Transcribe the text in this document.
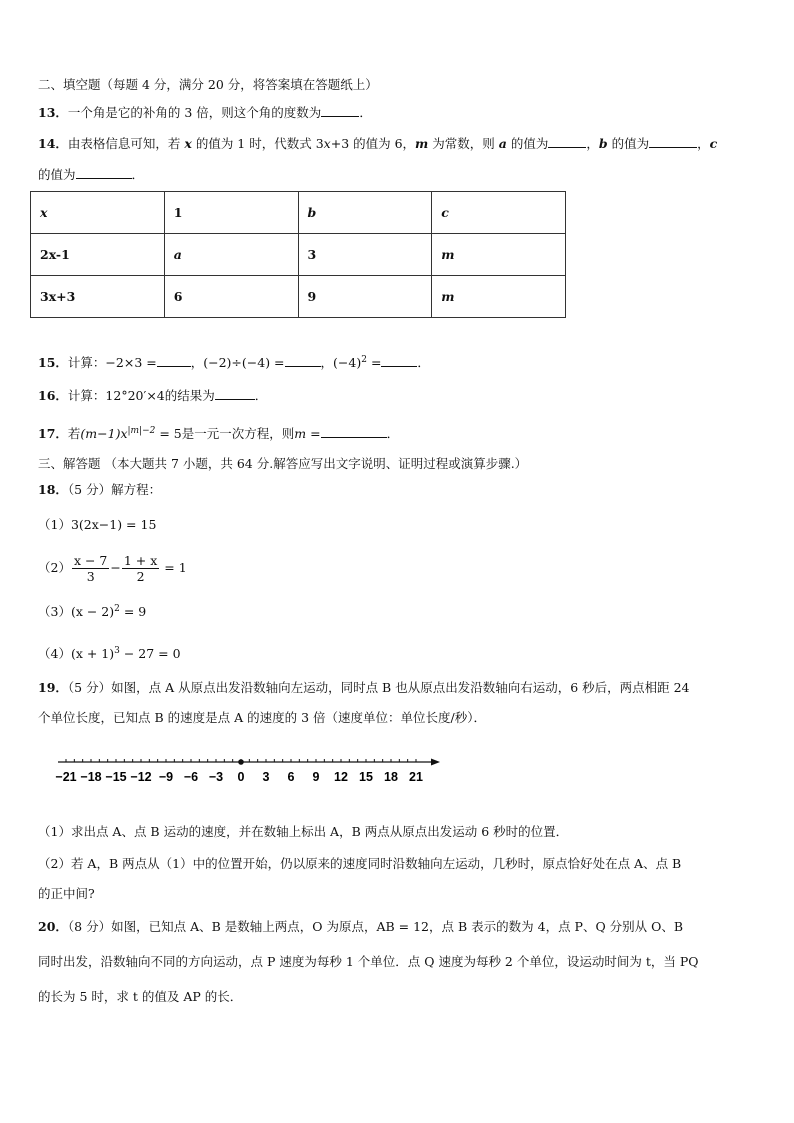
二、填空题（每题 4 分，满分 20 分，将答案填在答题纸上）
13．一个角是它的补角的 3 倍，则这个角的度数为	．
14．由表格信息可知，若 x 的值为 1 时，代数式 3x+3 的值为 6，m 为常数，则 a 的值为	，b 的值为	，c
的值为	．
x	1	b	c
2x-1	a	3	m
3x+3	6	9	m
15．计算：−2×3 =	，(−2)÷(−4) =	，$(-4)^2$ =	．
16．计算：12°20′×4的结果为	．
17．若$(m-1)x^{|m|-2} = 5$是一元一次方程，则m =	．
三、解答题 （本大题共 7 小题，共 64 分.解答应写出文字说明、证明过程或演算步骤.）
18．（5 分）解方程：
（1）3(2x−1) = 15
$(2) \frac{x - 7}{3} - \frac{1 + x}{2} = 1$
$(3)(x - 2)^2 = 9$
$(4)(x + 1)^3 - 27 = 0$
19．（5 分）如图，点 A 从原点出发沿数轴向左运动，同时点 B 也从原点出发沿数轴向右运动，6 秒后，两点相距 24
个单位长度，已知点 B 的速度是点 A 的速度的 3 倍（速度单位：单位长度/秒）．
−21 −18 −15 −12 −9 −6 −3 0 3 6 9 12 15 18 21
（1）求出点 A、点 B 运动的速度，并在数轴上标出 A，B 两点从原点出发运动 6 秒时的位置．
（2）若 A，B 两点从（1）中的位置开始，仍以原来的速度同时沿数轴向左运动，几秒时，原点恰好处在点 A、点 B
的正中间?
20．（8 分）如图，已知点 A、B 是数轴上两点，O 为原点，AB = 12，点 B 表示的数为 4，点 P、Q 分别从 O、B
同时出发，沿数轴向不同的方向运动，点 P 速度为每秒 1 个单位．点 Q 速度为每秒 2 个单位，设运动时间为 t，当 PQ
的长为 5 时，求 t 的值及 AP 的长．
